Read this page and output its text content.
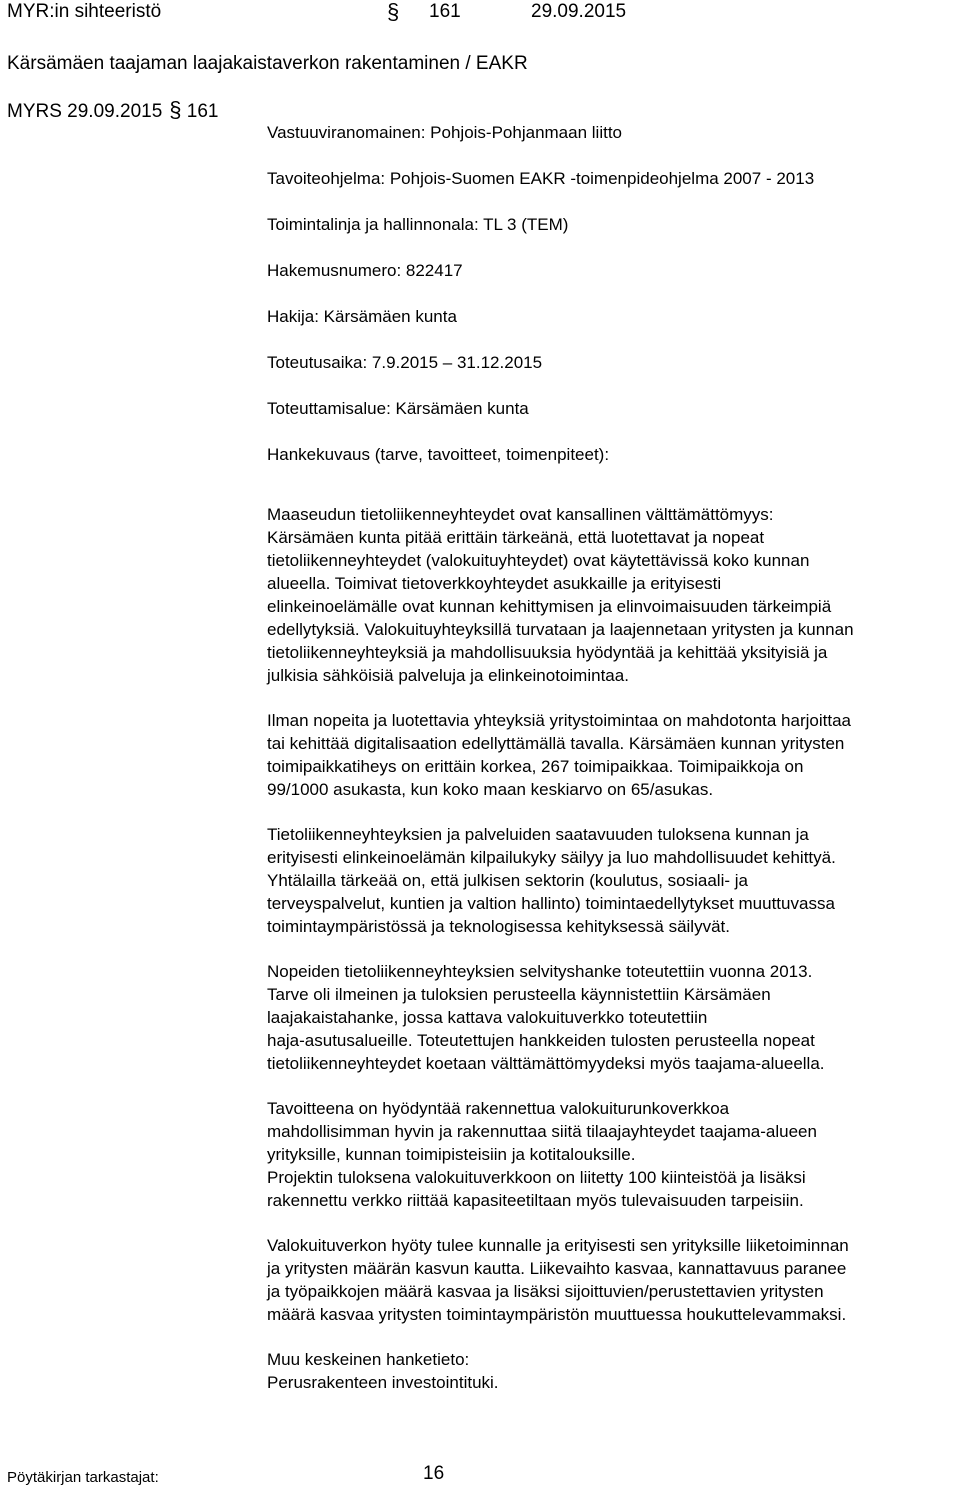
MYR:in sihteeristö	§ 161	29.09.2015
Kärsämäen taajaman laajakaistaverkon rakentaminen / EAKR
MYRS 29.09.2015 § 161
Vastuuviranomainen: Pohjois-Pohjanmaan liitto
Tavoiteohjelma: Pohjois-Suomen EAKR -toimenpideohjelma 2007 - 2013
Toimintalinja ja hallinnonala: TL 3 (TEM)
Hakemusnumero: 822417
Hakija: Kärsämäen kunta
Toteutusaika: 7.9.2015 – 31.12.2015
Toteuttamisalue: Kärsämäen kunta
Hankekuvaus (tarve, tavoitteet, toimenpiteet):
Maaseudun tietoliikenneyhteydet ovat kansallinen välttämättömyys:
Kärsämäen kunta pitää erittäin tärkeänä, että luotettavat ja nopeat
tietoliikenneyhteydet (valokuituyhteydet) ovat käytettävissä koko kunnan
alueella. Toimivat tietoverkkoyhteydet asukkaille ja erityisesti
elinkeinoelämälle ovat kunnan kehittymisen ja elinvoimaisuuden tärkeimpiä
edellytyksiä. Valokuituyhteyksillä turvataan ja laajennetaan yritysten ja kunnan
tietoliikenneyhteyksiä ja mahdollisuuksia hyödyntää ja kehittää yksityisiä ja
julkisia sähköisiä palveluja ja elinkeinotoimintaa.
Ilman nopeita ja luotettavia yhteyksiä yritystoimintaa on mahdotonta harjoittaa
tai kehittää digitalisaation edellyttämällä tavalla. Kärsämäen kunnan yritysten
toimipaikkatiheys on erittäin korkea, 267 toimipaikkaa. Toimipaikkoja on
99/1000 asukasta, kun koko maan keskiarvo on 65/asukas.
Tietoliikenneyhteyksien ja palveluiden saatavuuden tuloksena kunnan ja
erityisesti elinkeinoelämän kilpailukyky säilyy ja luo mahdollisuudet kehittyä.
Yhtälailla tärkeää on, että julkisen sektorin (koulutus, sosiaali- ja
terveyspalvelut, kuntien ja valtion hallinto) toimintaedellytykset muuttuvassa
toimintaympäristössä ja teknologisessa kehityksessä säilyvät.
Nopeiden tietoliikenneyhteyksien selvityshanke toteutettiin vuonna 2013.
Tarve oli ilmeinen ja tuloksien perusteella käynnistettiin Kärsämäen
laajakaistahanke, jossa kattava valokuituverkko toteutettiin
haja-asutusalueille. Toteutettujen hankkeiden tulosten perusteella nopeat
tietoliikenneyhteydet koetaan välttämättömyydeksi myös taajama-alueella.
Tavoitteena on hyödyntää rakennettua valokuiturunkoverkkoa
mahdollisimman hyvin ja rakennuttaa siitä tilaajayhteydet taajama-alueen
yrityksille, kunnan toimipisteisiin ja kotitalouksille.
Projektin tuloksena valokuituverkkoon on liitetty 100 kiinteistöä ja lisäksi
rakennettu verkko riittää kapasiteetiltaan myös tulevaisuuden tarpeisiin.
Valokuituverkon hyöty tulee kunnalle ja erityisesti sen yrityksille liiketoiminnan
ja yritysten määrän kasvun kautta. Liikevaihto kasvaa, kannattavuus paranee
ja työpaikkojen määrä kasvaa ja lisäksi sijoittuvien/perustettavien yritysten
määrä kasvaa yritysten toimintaympäristön muuttuessa houkuttelevammaksi.
Muu keskeinen hanketieto:
Perusrakenteen investointituki.
Pöytäkirjan tarkastajat:	16
